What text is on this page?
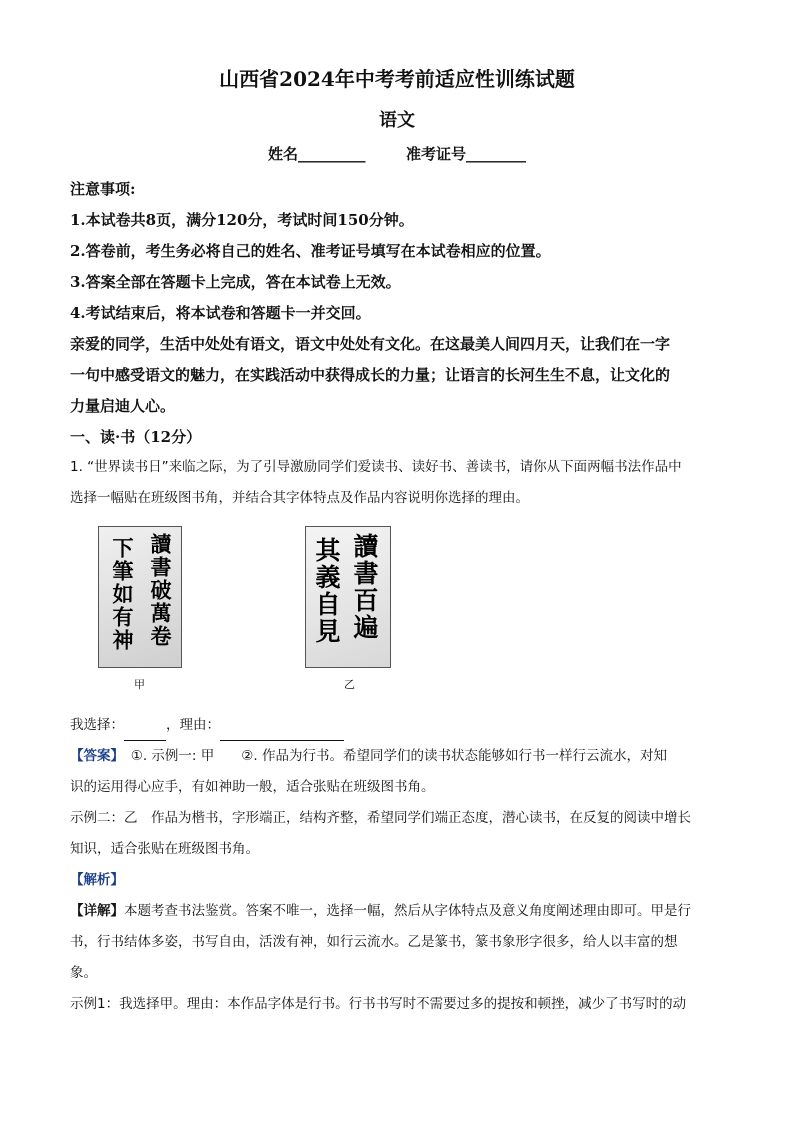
山西省2024年中考考前适应性训练试题
语文
姓名_________	准考证号________

注意事项:

1.本试卷共8页，满分120分，考试时间150分钟。

2.答卷前，考生务必将自己的姓名、准考证号填写在本试卷相应的位置。

3.答案全部在答题卡上完成，答在本试卷上无效。

4.考试结束后，将本试卷和答题卡一并交回。

亲爱的同学，生活中处处有语文，语文中处处有文化。在这最美人间四月天，让我们在一字

一句中感受语文的魅力，在实践活动中获得成长的力量；让语言的长河生生不息，让文化的

力量启迪人心。

一、读·书（12分）

1. “世界读书日”来临之际，为了引导激励同学们爱读书、读好书、善读书，请你从下面两幅书法作品中

选择一幅贴在班级图书角，并结合其字体特点及作品内容说明你选择的理由。

讀書破萬卷
下筆如有神
甲
讀書百遍
其義自見
乙

我选择：	，理由：

【答案】　 ①. 示例一: 甲　　②. 作品为行书。希望同学们的读书状态能够如行书一样行云流水，对知

识的运用得心应手，有如神助一般，适合张贴在班级图书角。

示例二：乙　作品为楷书，字形端正，结构齐整，希望同学们端正态度，潜心读书，在反复的阅读中增长

知识，适合张贴在班级图书角。

【解析】

【详解】本题考查书法鉴赏。答案不唯一，选择一幅，然后从字体特点及意义角度阐述理由即可。甲是行

书，行书结体多姿，书写自由，活泼有神，如行云流水。乙是篆书，篆书象形字很多，给人以丰富的想

象。

示例1：我选择甲。理由：本作品字体是行书。行书书写时不需要过多的提按和顿挫，减少了书写时的动
